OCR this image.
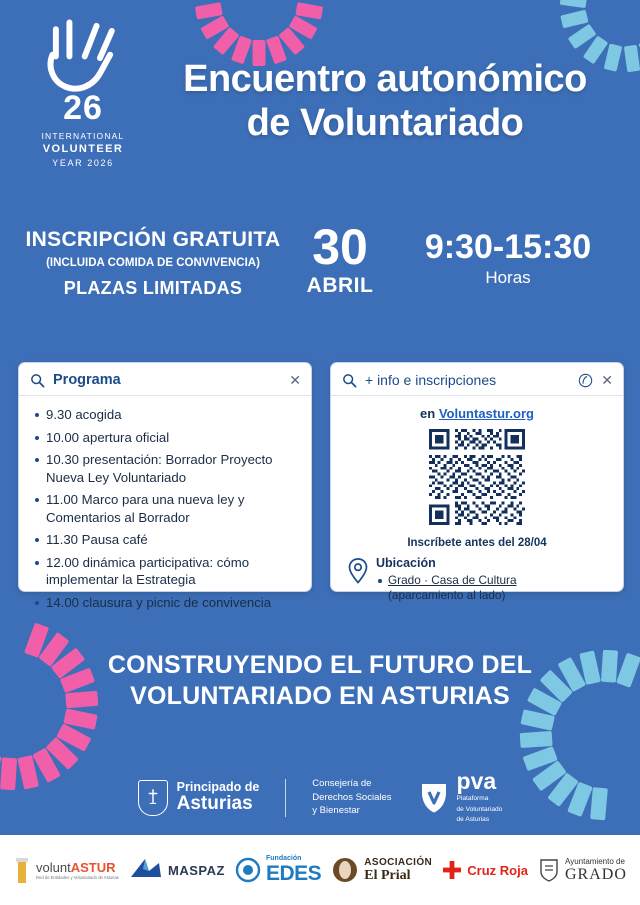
26
INTERNATIONAL
VOLUNTEER
YEAR 2026
Encuentro autonómico
de Voluntariado
INSCRIPCIÓN GRATUITA
(INCLUIDA COMIDA DE CONVIVENCIA)
PLAZAS LIMITADAS
30
ABRIL
9:30-15:30
Horas
Programa	✕
9.30 acogida
10.00 apertura oficial
10.30 presentación: Borrador Proyecto Nueva Ley Voluntariado
11.00 Marco para una nueva ley y Comentarios al Borrador
11.30 Pausa café
12.00 dinámica participativa: cómo implementar la Estrategia
14.00 clausura y picnic de convivencia
+ info e inscripciones	✕
en Voluntastur.org
Inscríbete antes del 28/04
Ubicación
Grado · Casa de Cultura
(aparcamiento al lado)
CONSTRUYENDO EL FUTURO DEL
VOLUNTARIADO EN ASTURIAS
Principado de
Asturias
Consejería de
Derechos Sociales
y Bienestar
pva
Plataforma
de Voluntariado
de Asturias
voluntASTUR
Red de Entidades y Voluntariado de Asturias	MASPAZ
Fundación
EDES	ASOCIACIÓN
El Prial	Cruz Roja
Ayuntamiento de
GRADO
